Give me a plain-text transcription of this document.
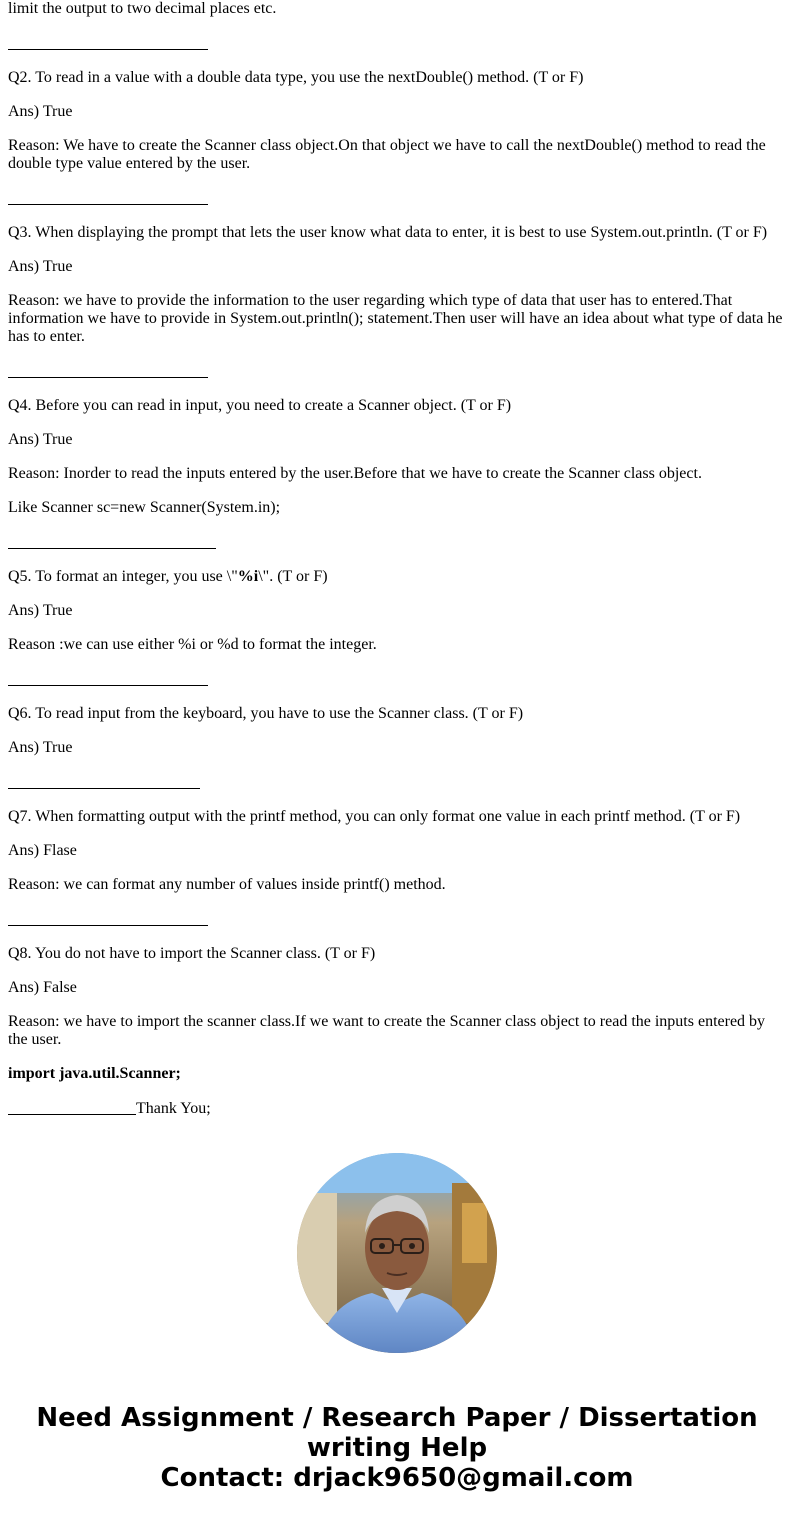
limit the output to two decimal places etc.

Q2. To read in a value with a double data type, you use the nextDouble() method. (T or F)

Ans) True

Reason: We have to create the Scanner class object.On that object we have to call the nextDouble() method to read the double type value entered by the user.

Q3. When displaying the prompt that lets the user know what data to enter, it is best to use System.out.println. (T or F)

Ans) True

Reason: we have to provide the information to the user regarding which type of data that user has to entered.That information we have to provide in System.out.println(); statement.Then user will have an idea about what type of data he has to enter.

Q4. Before you can read in input, you need to create a Scanner object. (T or F)

Ans) True

Reason: Inorder to read the inputs entered by the user.Before that we have to create the Scanner class object.

Like Scanner sc=new Scanner(System.in);

Q5. To format an integer, you use \"%i\". (T or F)

Ans) True

Reason :we can use either %i or %d to format the integer.

Q6. To read input from the keyboard, you have to use the Scanner class. (T or F)

Ans) True

Q7. When formatting output with the printf method, you can only format one value in each printf method. (T or F)

Ans) Flase

Reason: we can format any number of values inside printf() method.

Q8. You do not have to import the Scanner class. (T or F)

Ans) False

Reason: we have to import the scanner class.If we want to create the Scanner class object to read the inputs entered by the user.

import java.util.Scanner;

Thank You;

Need Assignment / Research Paper / Dissertation
writing Help
Contact: drjack9650@gmail.com
